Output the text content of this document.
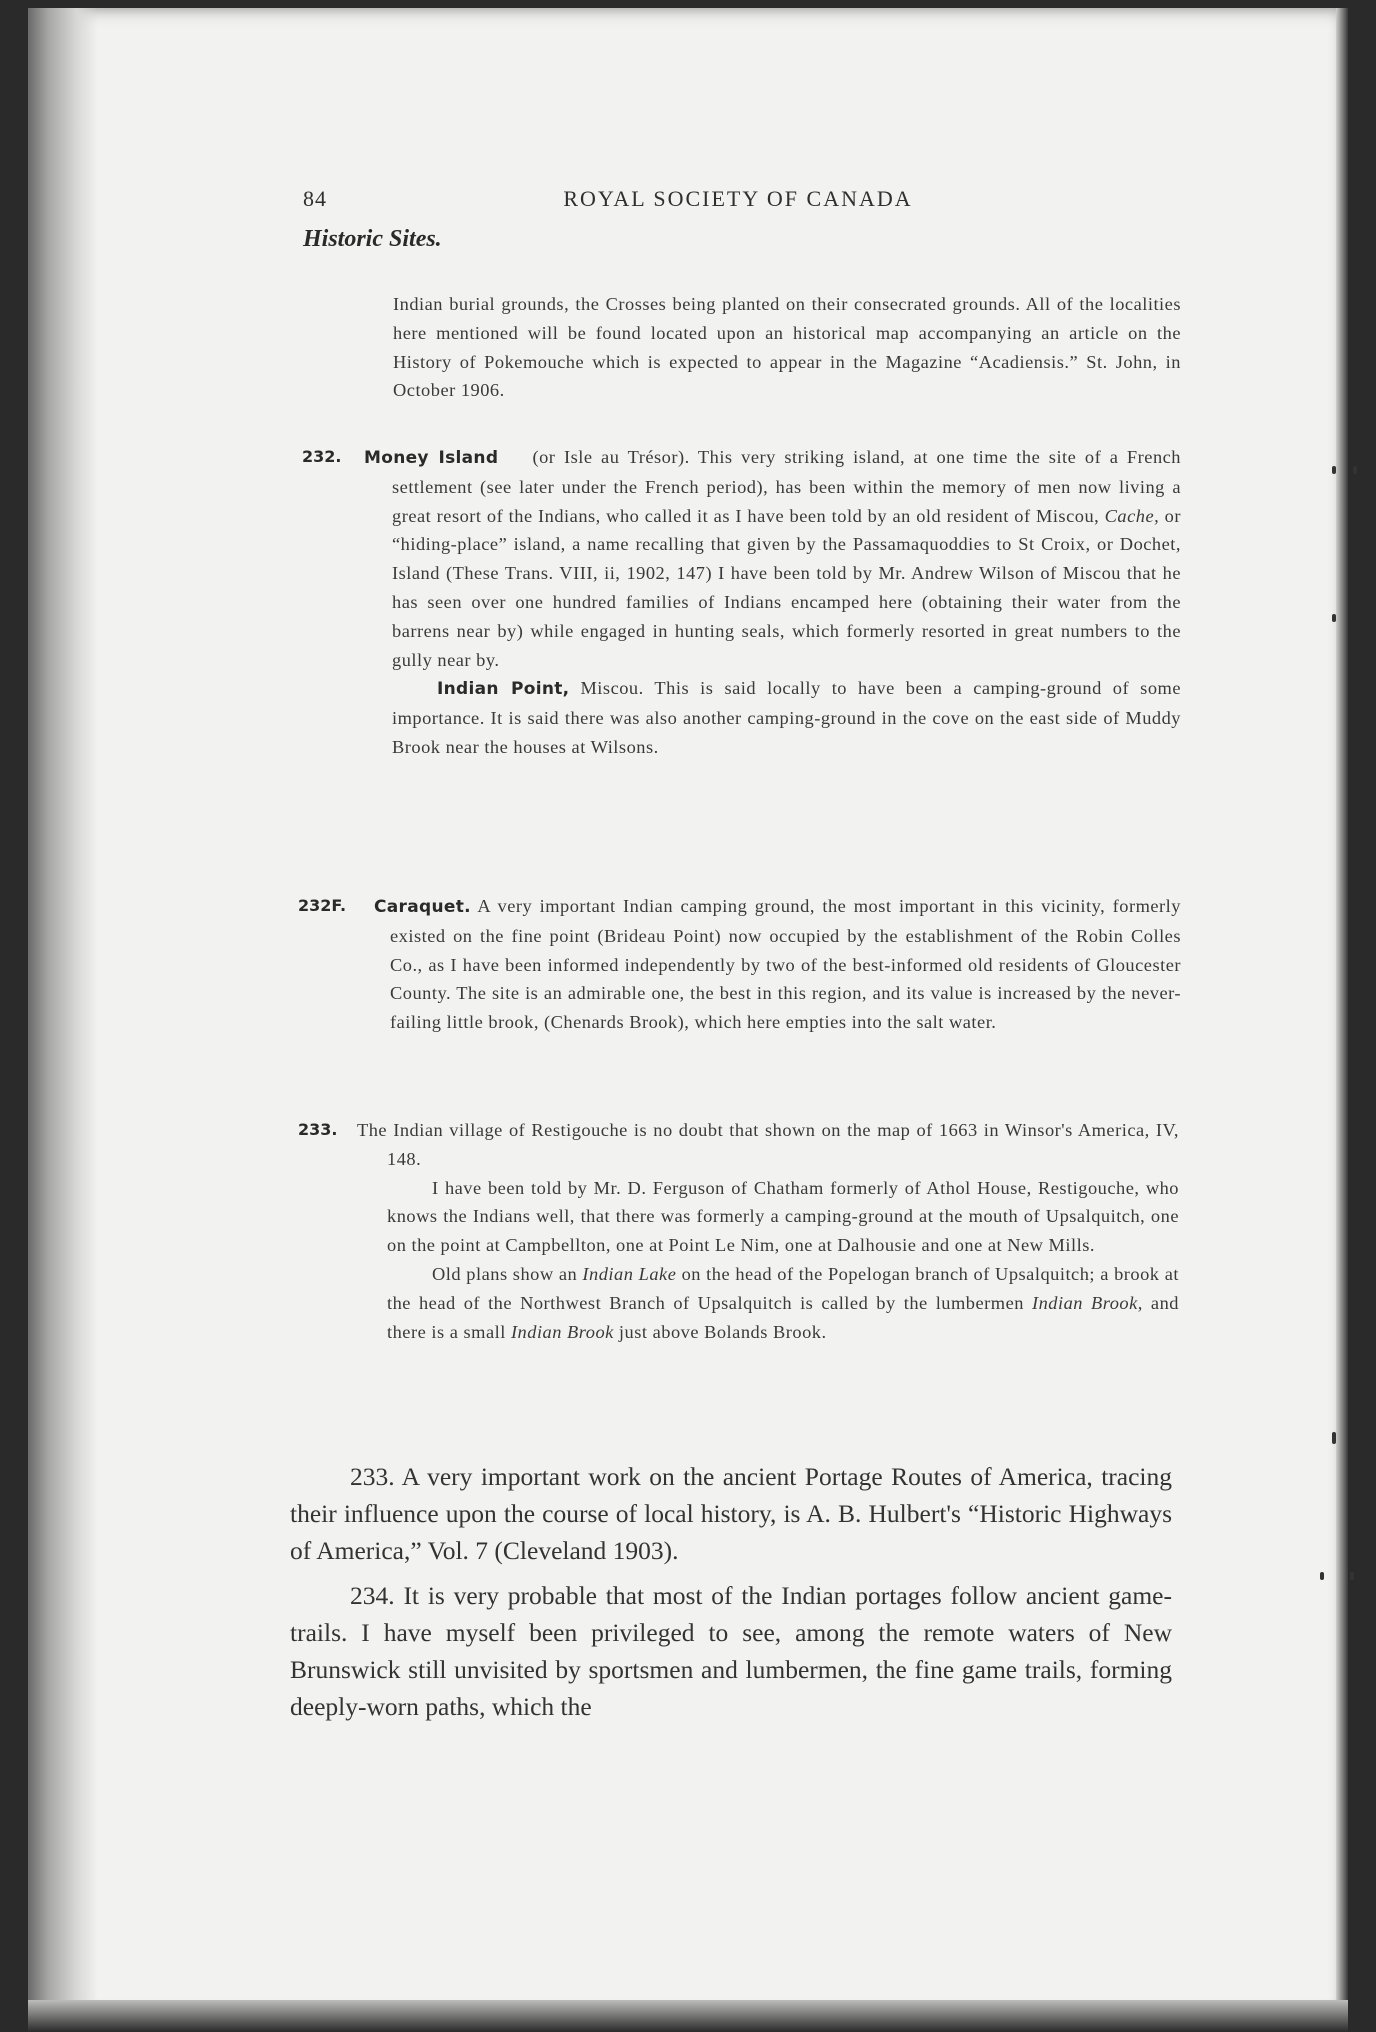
84	ROYAL SOCIETY OF CANADA
Historic Sites.

Indian burial grounds, the Crosses being planted on their consecrated grounds. All of the localities here mentioned will be found located upon an historical map accompanying an article on the History of Pokemouche which is expected to appear in the Magazine “Acadiensis.” St. John, in October 1906.

232. Money Island (or Isle au Trésor). This very striking island, at one time the site of a French settlement (see later under the French period), has been within the memory of men now living a great resort of the Indians, who called it as I have been told by an old resident of Miscou, Cache, or “hiding-place” island, a name recalling that given by the Passamaquoddies to St Croix, or Dochet, Island (These Trans. VIII, ii, 1902, 147) I have been told by Mr. Andrew Wilson of Miscou that he has seen over one hundred families of Indians encamped here (obtaining their water from the barrens near by) while engaged in hunting seals, which formerly resorted in great numbers to the gully near by.

Indian Point, Miscou. This is said locally to have been a camping-ground of some importance. It is said there was also another camping-ground in the cove on the east side of Muddy Brook near the houses at Wilsons.

232F. Caraquet. A very important Indian camping ground, the most important in this vicinity, formerly existed on the fine point (Brideau Point) now occupied by the establishment of the Robin Colles Co., as I have been informed independently by two of the best-informed old residents of Gloucester County. The site is an admirable one, the best in this region, and its value is increased by the never-failing little brook, (Chenards Brook), which here empties into the salt water.

233. The Indian village of Restigouche is no doubt that shown on the map of 1663 in Winsor's America, IV, 148.

I have been told by Mr. D. Ferguson of Chatham formerly of Athol House, Restigouche, who knows the Indians well, that there was formerly a camping-ground at the mouth of Upsalquitch, one on the point at Campbellton, one at Point Le Nim, one at Dalhousie and one at New Mills.

Old plans show an Indian Lake on the head of the Popelogan branch of Upsalquitch; a brook at the head of the Northwest Branch of Upsalquitch is called by the lumbermen Indian Brook, and there is a small Indian Brook just above Bolands Brook.

233. A very important work on the ancient Portage Routes of America, tracing their influence upon the course of local history, is A. B. Hulbert's “Historic Highways of America,” Vol. 7 (Cleveland 1903).

234. It is very probable that most of the Indian portages follow ancient game-trails. I have myself been privileged to see, among the remote waters of New Brunswick still unvisited by sportsmen and lumbermen, the fine game trails, forming deeply-worn paths, which the
